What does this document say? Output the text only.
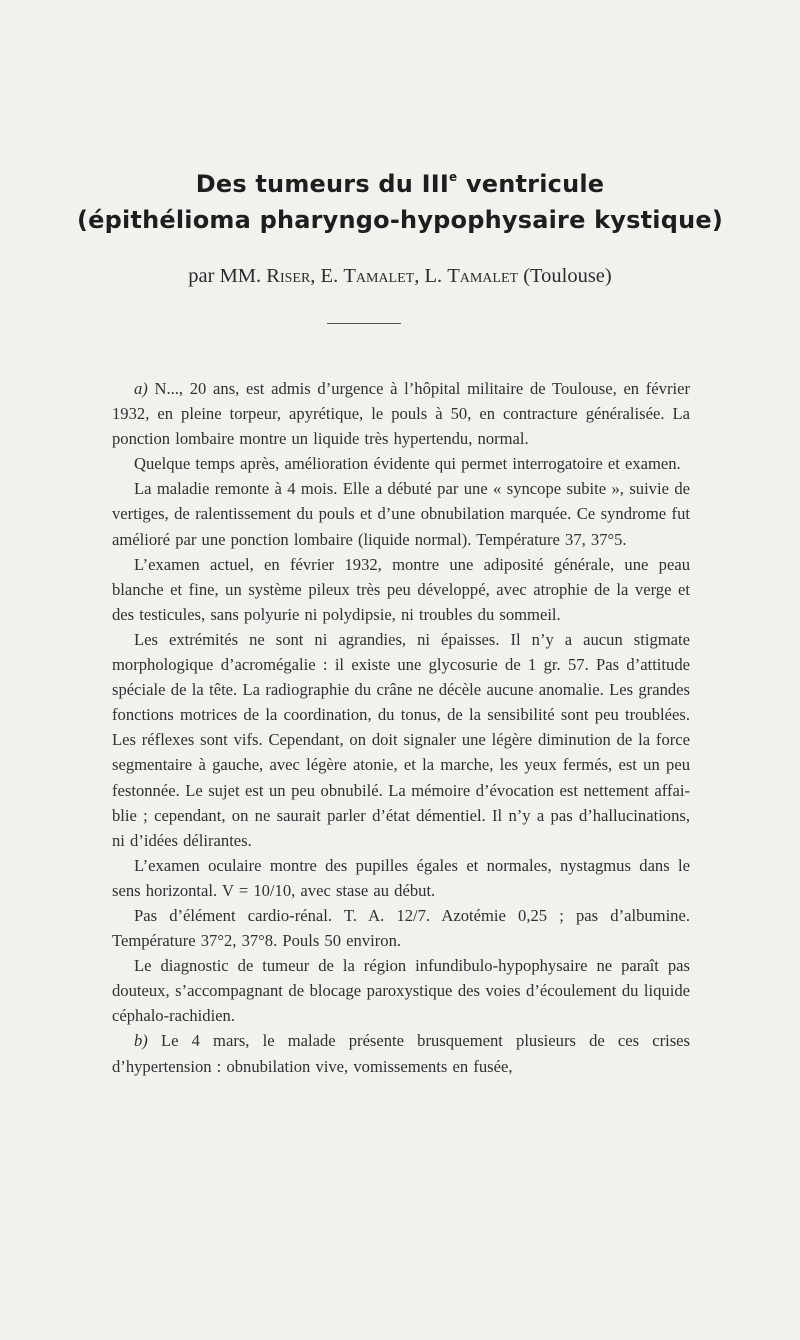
Des tumeurs du IIIe ventricule
(épithélioma pharyngo-hypophysaire kystique)
par MM. Riser, E. Tamalet, L. Tamalet (Toulouse)

a) N..., 20 ans, est admis d’urgence à l’hôpital militaire de Toulouse, en février 1932, en pleine torpeur, apyrétique, le pouls à 50, en contracture généralisée. La ponction lombaire montre un liquide très hypertendu, normal.

Quelque temps après, amélioration évidente qui permet interrogatoire et examen.

La maladie remonte à 4 mois. Elle a débuté par une « syncope subite », suivie de vertiges, de ralentissement du pouls et d’une obnubilation marquée. Ce syndrome fut amélioré par une ponction lombaire (liquide normal). Température 37, 37°5.

L’examen actuel, en février 1932, montre une adiposité générale, une peau blanche et fine, un système pileux très peu développé, avec atrophie de la verge et des testicules, sans polyurie ni polydipsie, ni troubles du sommeil.

Les extrémités ne sont ni agrandies, ni épaisses. Il n’y a aucun stigmate morphologique d’acromégalie : il existe une glycosurie de 1 gr. 57. Pas d’attitude spéciale de la tête. La radiographie du crâne ne décèle aucune anomalie. Les grandes fonctions motrices de la coordination, du tonus, de la sensibilité sont peu troublées. Les réflexes sont vifs. Cependant, on doit signaler une légère diminution de la force segmentaire à gauche, avec légère atonie, et la marche, les yeux fermés, est un peu festonnée. Le sujet est un peu obnubilé. La mémoire d’évocation est nettement affaiblie ; cependant, on ne saurait parler d’état démentiel. Il n’y a pas d’hallucinations, ni d’idées délirantes.

L’examen oculaire montre des pupilles égales et normales, nystagmus dans le sens horizontal. V = 10/10, avec stase au début.

Pas d’élément cardio-rénal. T. A. 12/7. Azotémie 0,25 ; pas d’albumine. Température 37°2, 37°8. Pouls 50 environ.

Le diagnostic de tumeur de la région infundibulo-hypophysaire ne paraît pas douteux, s’accompagnant de blocage paroxystique des voies d’écoulement du liquide céphalo-rachidien.

b) Le 4 mars, le malade présente brusquement plusieurs de ces crises d’hypertension : obnubilation vive, vomissements en fusée,
